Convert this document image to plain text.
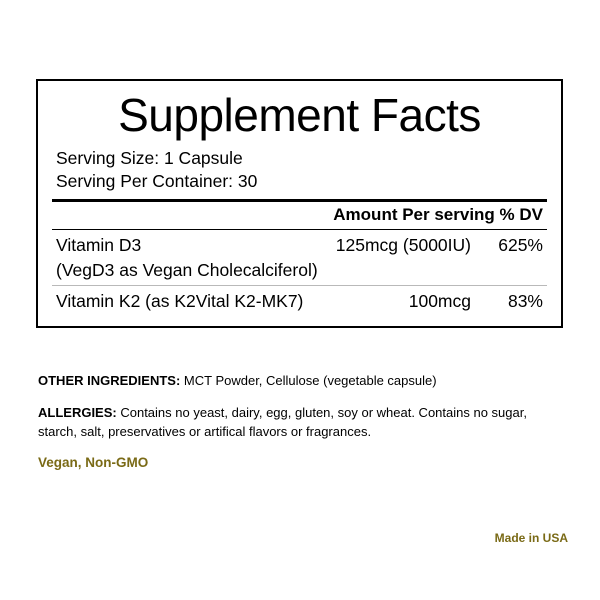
Supplement Facts
Serving Size: 1 Capsule
Serving Per Container: 30
Amount Per serving % DV
Vitamin D3	125mcg (5000IU)	625%
(VegD3 as Vegan Cholecalciferol)
Vitamin K2 (as K2Vital K2-MK7)	100mcg	83%
OTHER INGREDIENTS: MCT Powder, Cellulose (vegetable capsule)
ALLERGIES: Contains no yeast, dairy, egg, gluten, soy or wheat. Contains no sugar, starch, salt, preservatives or artifical flavors or fragrances.
Vegan, Non-GMO
Made in USA
